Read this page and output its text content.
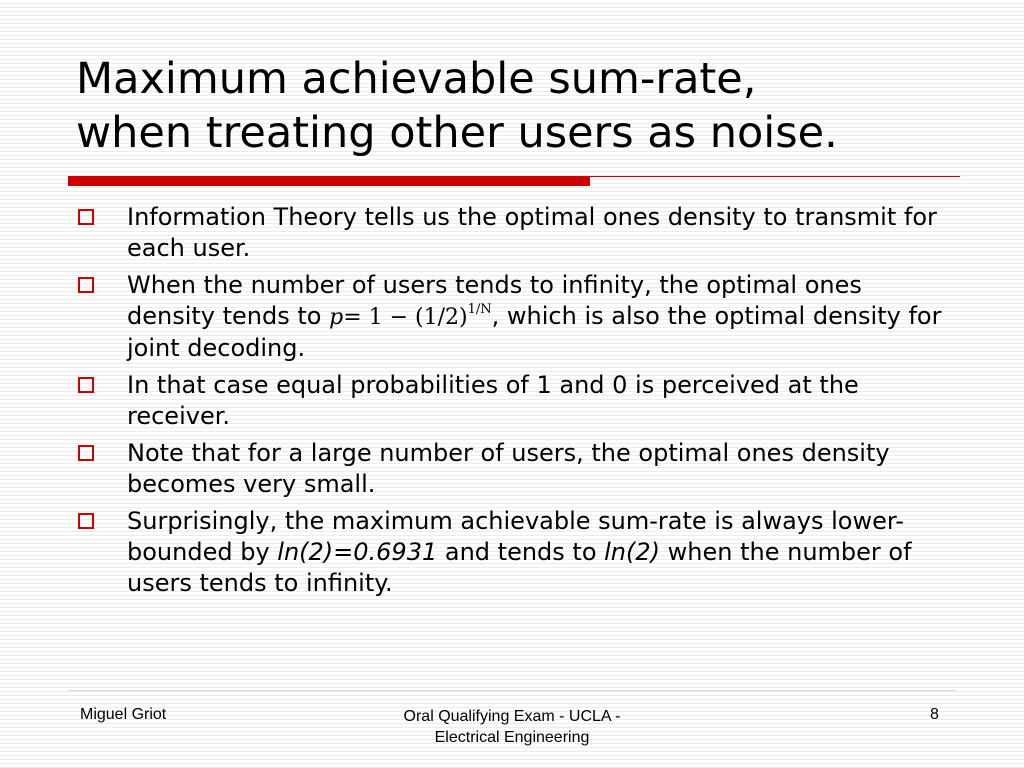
Maximum achievable sum-rate,
when treating other users as noise.
Information Theory tells us the optimal ones density to transmit for each user.
When the number of users tends to infinity, the optimal ones density tends to $p= 1 - (1/2)^{1/N}$, which is also the optimal density for joint decoding.
In that case equal probabilities of 1 and 0 is perceived at the receiver.
Note that for a large number of users, the optimal ones density becomes very small.
Surprisingly, the maximum achievable sum-rate is always lower-bounded by ln(2)=0.6931 and tends to ln(2) when the number of users tends to infinity.
Miguel Griot	Oral Qualifying Exam - UCLA -
Electrical Engineering
8
